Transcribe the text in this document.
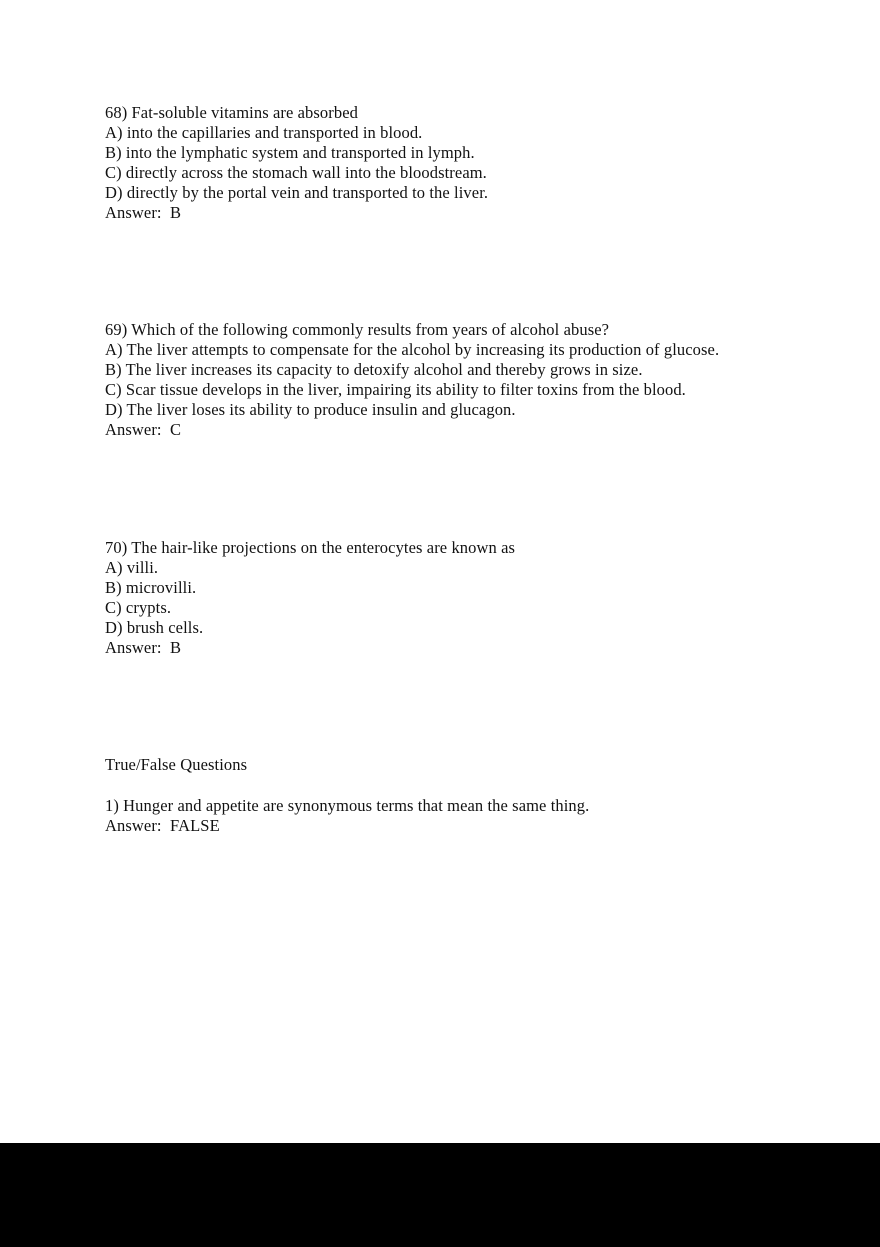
68) Fat-soluble vitamins are absorbed
A) into the capillaries and transported in blood.
B) into the lymphatic system and transported in lymph.
C) directly across the stomach wall into the bloodstream.
D) directly by the portal vein and transported to the liver.
Answer:  B
69) Which of the following commonly results from years of alcohol abuse?
A) The liver attempts to compensate for the alcohol by increasing its production of glucose.
B) The liver increases its capacity to detoxify alcohol and thereby grows in size.
C) Scar tissue develops in the liver, impairing its ability to filter toxins from the blood.
D) The liver loses its ability to produce insulin and glucagon.
Answer:  C
70) The hair-like projections on the enterocytes are known as
A) villi.
B) microvilli.
C) crypts.
D) brush cells.
Answer:  B
True/False Questions
1) Hunger and appetite are synonymous terms that mean the same thing.
Answer:  FALSE
